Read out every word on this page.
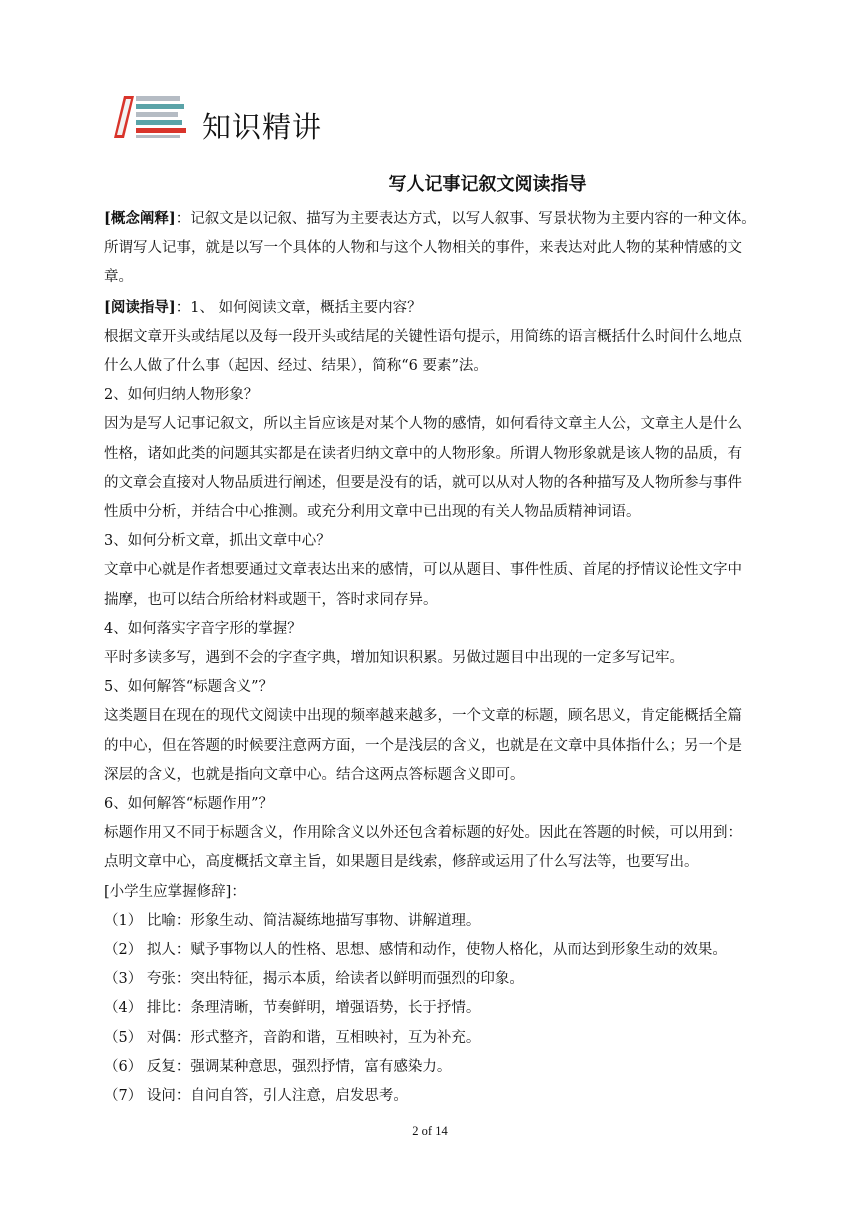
知识精讲
写人记事记叙文阅读指导

[概念阐释]：记叙文是以记叙、描写为主要表达方式，以写人叙事、写景状物为主要内容的一种文体。

所谓写人记事，就是以写一个具体的人物和与这个人物相关的事件，来表达对此人物的某种情感的文

章。

[阅读指导]：1、 如何阅读文章，概括主要内容？

根据文章开头或结尾以及每一段开头或结尾的关键性语句提示，用简练的语言概括什么时间什么地点

什么人做了什么事（起因、经过、结果），简称“6 要素”法。

2、如何归纳人物形象？

因为是写人记事记叙文，所以主旨应该是对某个人物的感情，如何看待文章主人公，文章主人是什么

性格，诸如此类的问题其实都是在读者归纳文章中的人物形象。所谓人物形象就是该人物的品质，有

的文章会直接对人物品质进行阐述，但要是没有的话，就可以从对人物的各种描写及人物所参与事件

性质中分析，并结合中心推测。或充分利用文章中已出现的有关人物品质精神词语。

3、如何分析文章，抓出文章中心？

文章中心就是作者想要通过文章表达出来的感情，可以从题目、事件性质、首尾的抒情议论性文字中

揣摩，也可以结合所给材料或题干，答时求同存异。

4、如何落实字音字形的掌握？

平时多读多写，遇到不会的字查字典，增加知识积累。另做过题目中出现的一定多写记牢。

5、如何解答“标题含义”？

这类题目在现在的现代文阅读中出现的频率越来越多，一个文章的标题，顾名思义，肯定能概括全篇

的中心，但在答题的时候要注意两方面，一个是浅层的含义，也就是在文章中具体指什么；另一个是

深层的含义，也就是指向文章中心。结合这两点答标题含义即可。

6、如何解答“标题作用”？

标题作用又不同于标题含义，作用除含义以外还包含着标题的好处。因此在答题的时候，可以用到：

点明文章中心，高度概括文章主旨，如果题目是线索，修辞或运用了什么写法等，也要写出。

[小学生应掌握修辞]：

（1） 比喻：形象生动、简洁凝练地描写事物、讲解道理。

（2） 拟人：赋予事物以人的性格、思想、感情和动作，使物人格化，从而达到形象生动的效果。

（3） 夸张：突出特征，揭示本质，给读者以鲜明而强烈的印象。

（4） 排比：条理清晰，节奏鲜明，增强语势，长于抒情。

（5） 对偶：形式整齐，音韵和谐，互相映衬，互为补充。

（6） 反复：强调某种意思，强烈抒情，富有感染力。

（7） 设问：自问自答，引人注意，启发思考。

2 of 14
